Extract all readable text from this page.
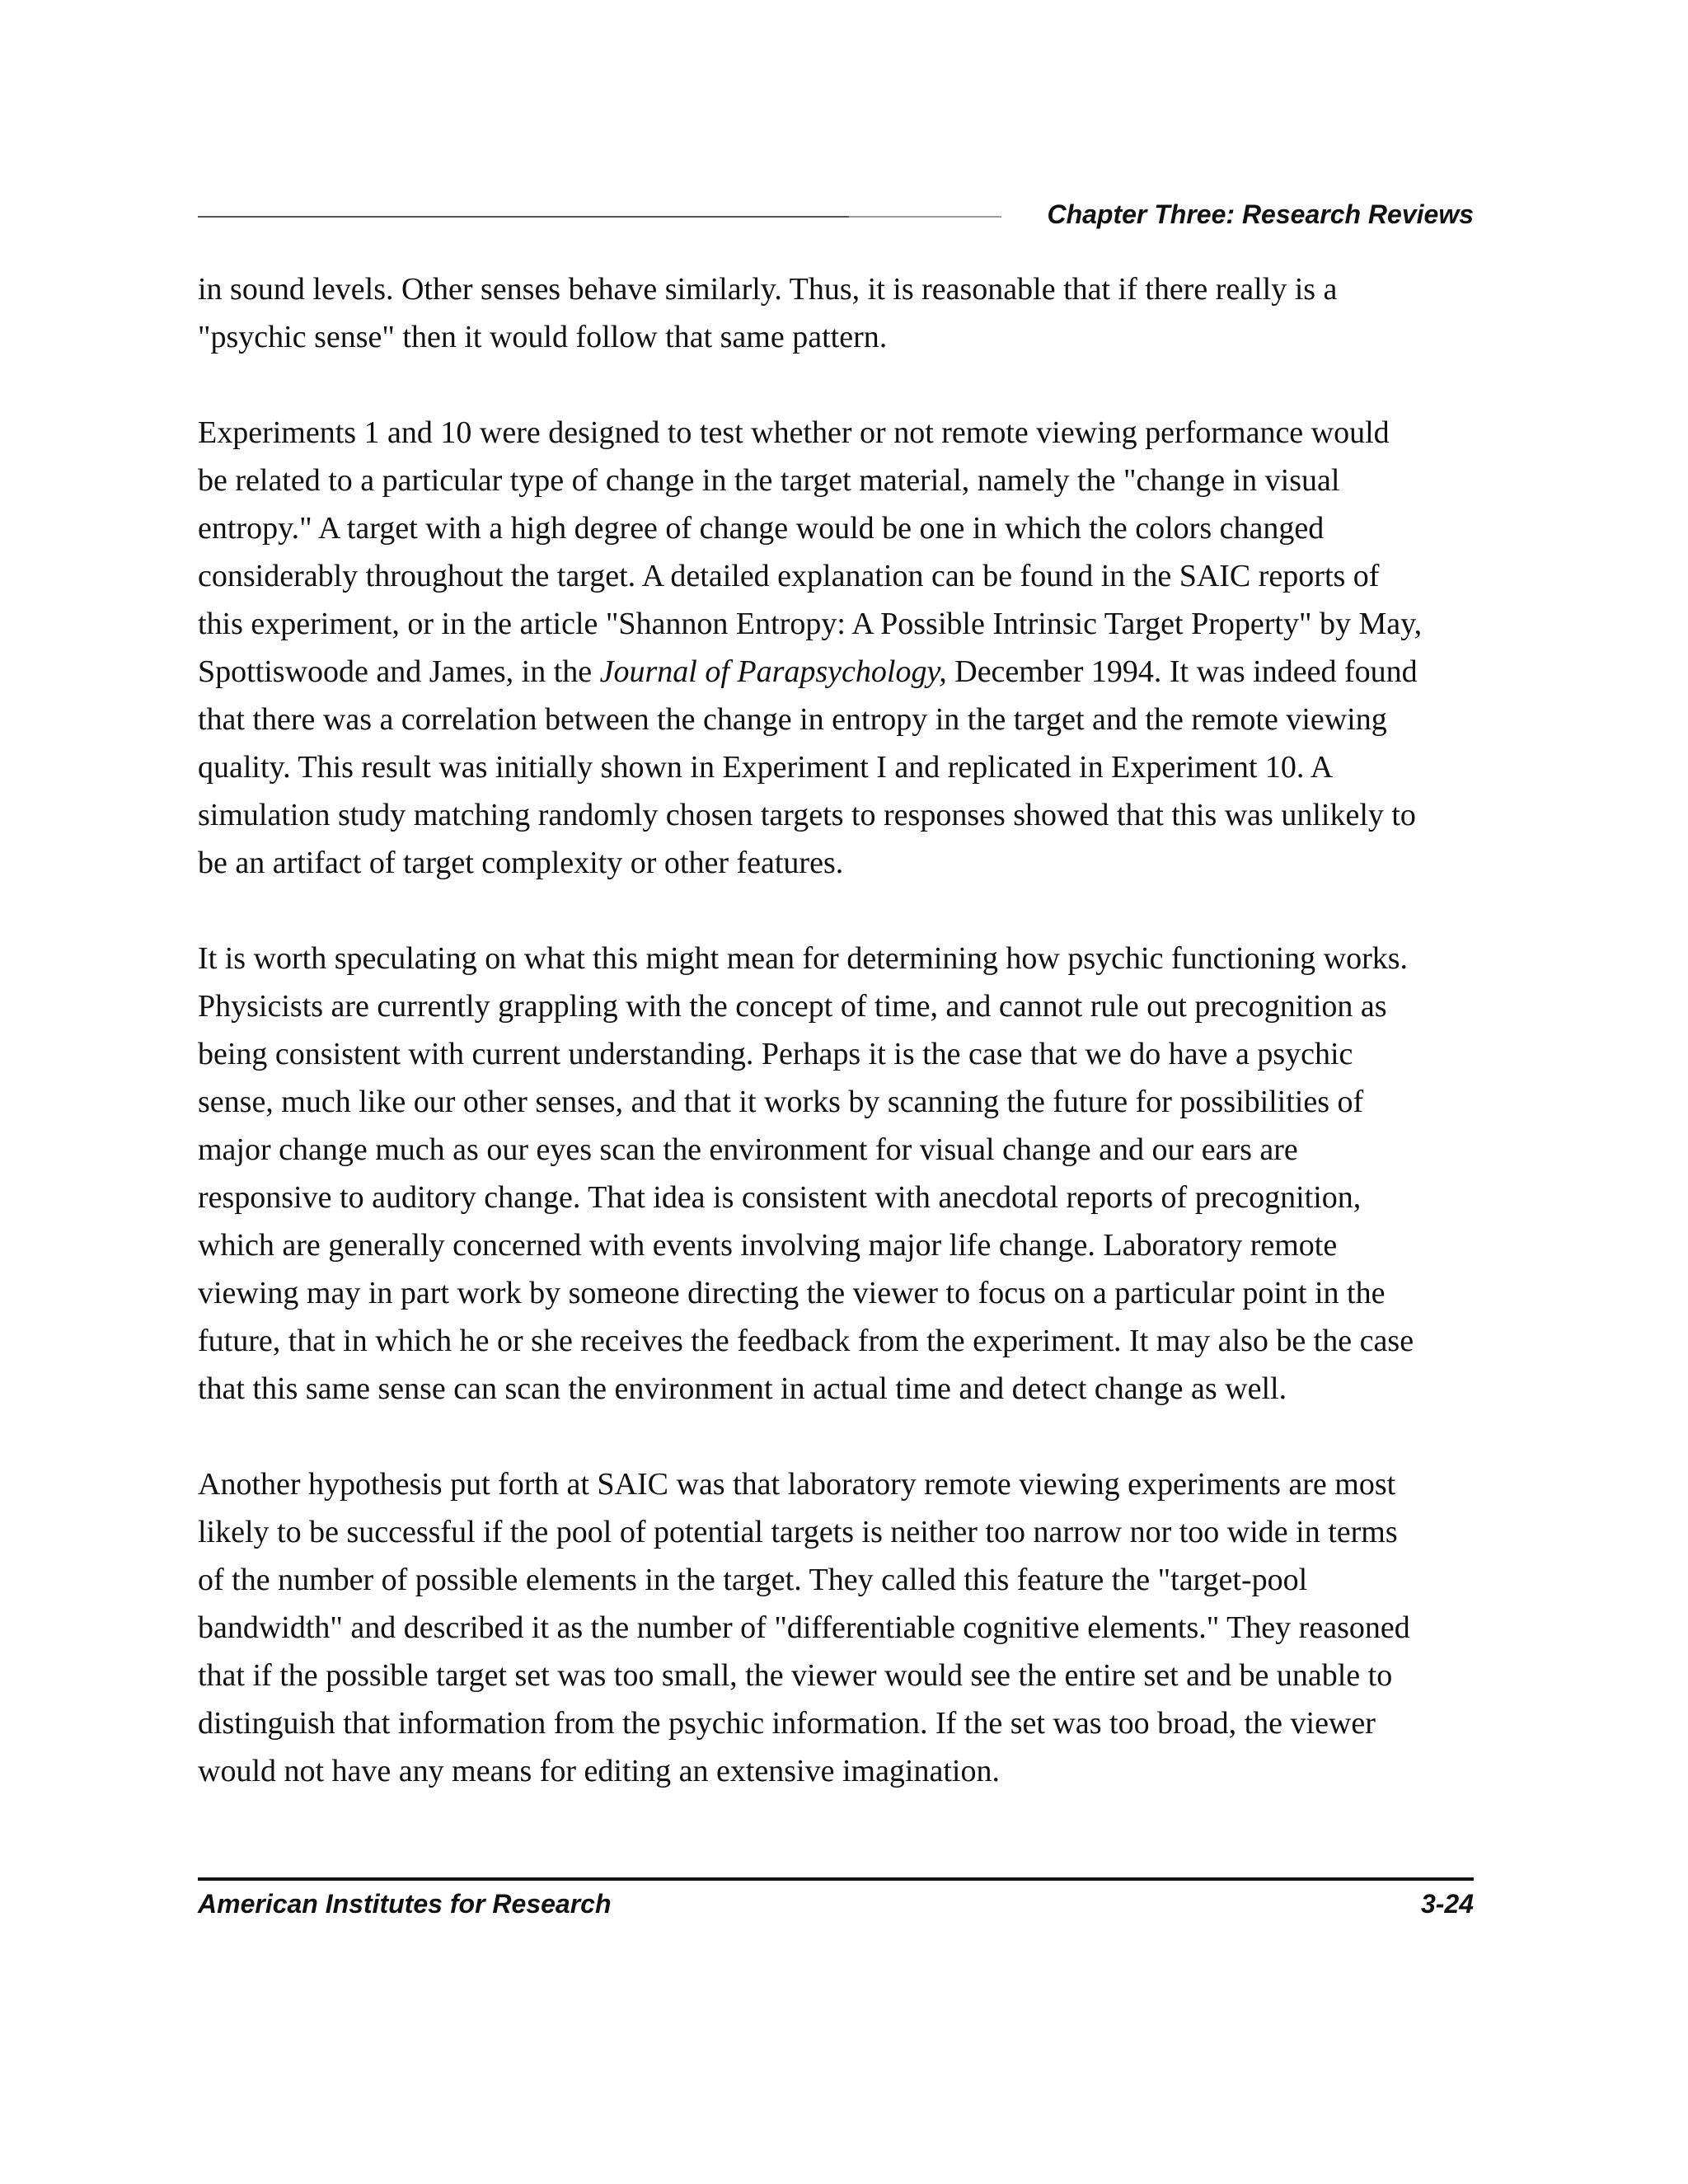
Chapter Three: Research Reviews

in sound levels. Other senses behave similarly. Thus, it is reasonable that if there really is a
"psychic sense" then it would follow that same pattern.

Experiments 1 and 10 were designed to test whether or not remote viewing performance would
be related to a particular type of change in the target material, namely the "change in visual
entropy." A target with a high degree of change would be one in which the colors changed
considerably throughout the target. A detailed explanation can be found in the SAIC reports of
this experiment, or in the article "Shannon Entropy: A Possible Intrinsic Target Property" by May,
Spottiswoode and James, in the Journal of Parapsychology, December 1994. It was indeed found
that there was a correlation between the change in entropy in the target and the remote viewing
quality. This result was initially shown in Experiment I and replicated in Experiment 10. A
simulation study matching randomly chosen targets to responses showed that this was unlikely to
be an artifact of target complexity or other features.

It is worth speculating on what this might mean for determining how psychic functioning works.
Physicists are currently grappling with the concept of time, and cannot rule out precognition as
being consistent with current understanding. Perhaps it is the case that we do have a psychic
sense, much like our other senses, and that it works by scanning the future for possibilities of
major change much as our eyes scan the environment for visual change and our ears are
responsive to auditory change. That idea is consistent with anecdotal reports of precognition,
which are generally concerned with events involving major life change. Laboratory remote
viewing may in part work by someone directing the viewer to focus on a particular point in the
future, that in which he or she receives the feedback from the experiment. It may also be the case
that this same sense can scan the environment in actual time and detect change as well.

Another hypothesis put forth at SAIC was that laboratory remote viewing experiments are most
likely to be successful if the pool of potential targets is neither too narrow nor too wide in terms
of the number of possible elements in the target. They called this feature the "target-pool
bandwidth" and described it as the number of "differentiable cognitive elements." They reasoned
that if the possible target set was too small, the viewer would see the entire set and be unable to
distinguish that information from the psychic information. If the set was too broad, the viewer
would not have any means for editing an extensive imagination.

American Institutes for Research	3-24
